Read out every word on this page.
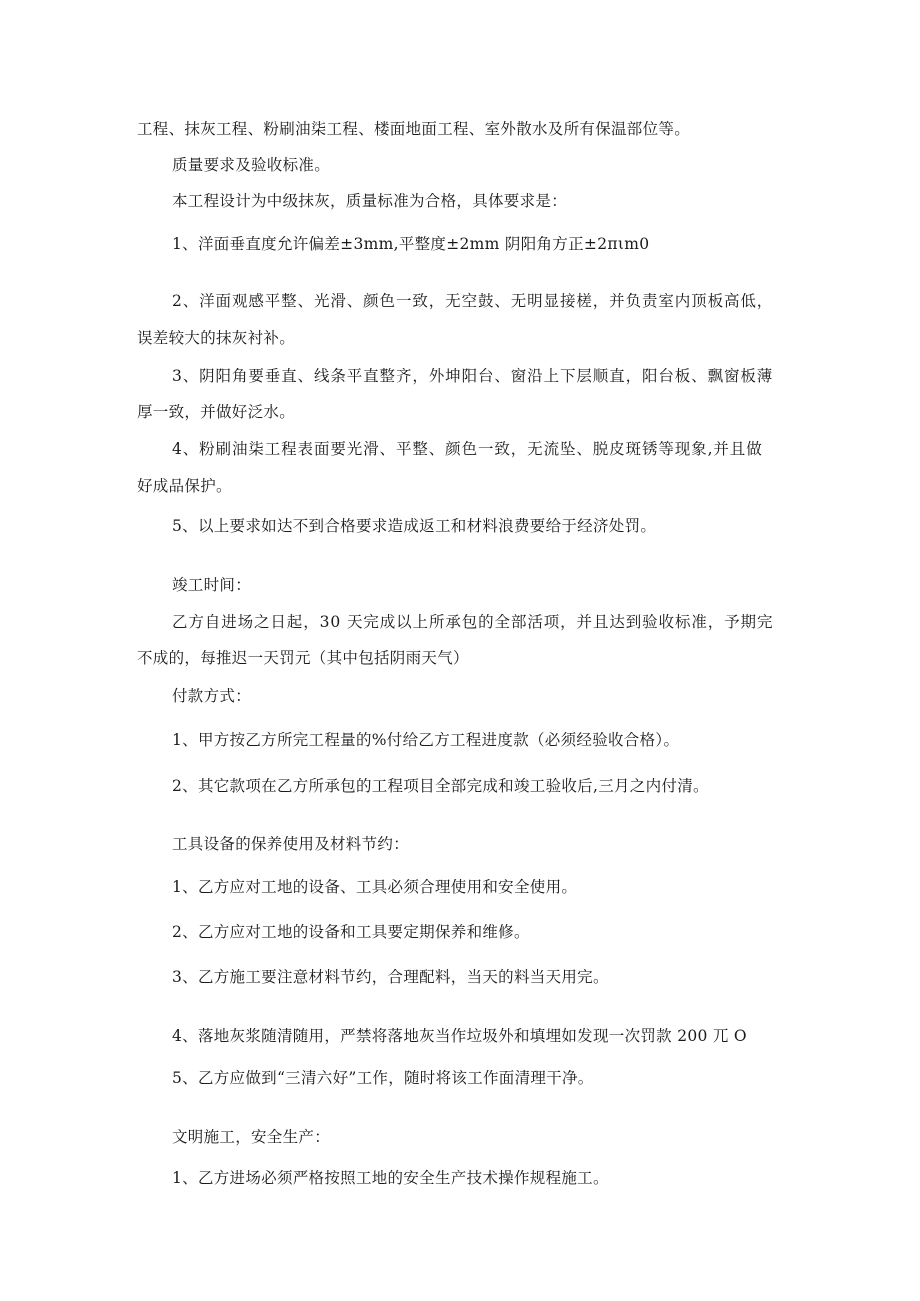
工程、抹灰工程、粉刷油柒工程、楼面地面工程、室外散水及所有保温部位等。
质量要求及验收标准。
本工程设计为中级抹灰，质量标准为合格，具体要求是：
1、洋面垂直度允许偏差±3mm,平整度±2mm 阴阳角方正±2πιm0
2、洋面观感平整、光滑、颜色一致，无空鼓、无明显接槎，并负责室内顶板高低，
误差较大的抹灰衬补。
3、阴阳角要垂直、线条平直整齐，外坤阳台、窗沿上下层顺直，阳台板、飘窗板薄
厚一致，并做好泛水。
4、粉刷油柒工程表面要光滑、平整、颜色一致，无流坠、脱皮斑锈等现象,并且做
好成品保护。
5、以上要求如达不到合格要求造成返工和材料浪费要给于经济处罚。
竣工时间：
乙方自进场之日起，30 天完成以上所承包的全部活项，并且达到验收标准，予期完
不成的，每推迟一天罚元（其中包括阴雨天气）
付款方式：
1、甲方按乙方所完工程量的%付给乙方工程进度款（必须经验收合格）。
2、其它款项在乙方所承包的工程项目全部完成和竣工验收后,三月之内付清。
工具设备的保养使用及材料节约：
1、乙方应对工地的设备、工具必须合理使用和安全使用。
2、乙方应对工地的设备和工具要定期保养和维修。
3、乙方施工要注意材料节约，合理配料，当天的料当天用完。
4、落地灰浆随清随用，严禁将落地灰当作垃圾外和填埋如发现一次罚款 200 兀 O
5、乙方应做到“三清六好”工作，随时将该工作面清理干净。
文明施工，安全生产：
1、乙方进场必须严格按照工地的安全生产技术操作规程施工。
